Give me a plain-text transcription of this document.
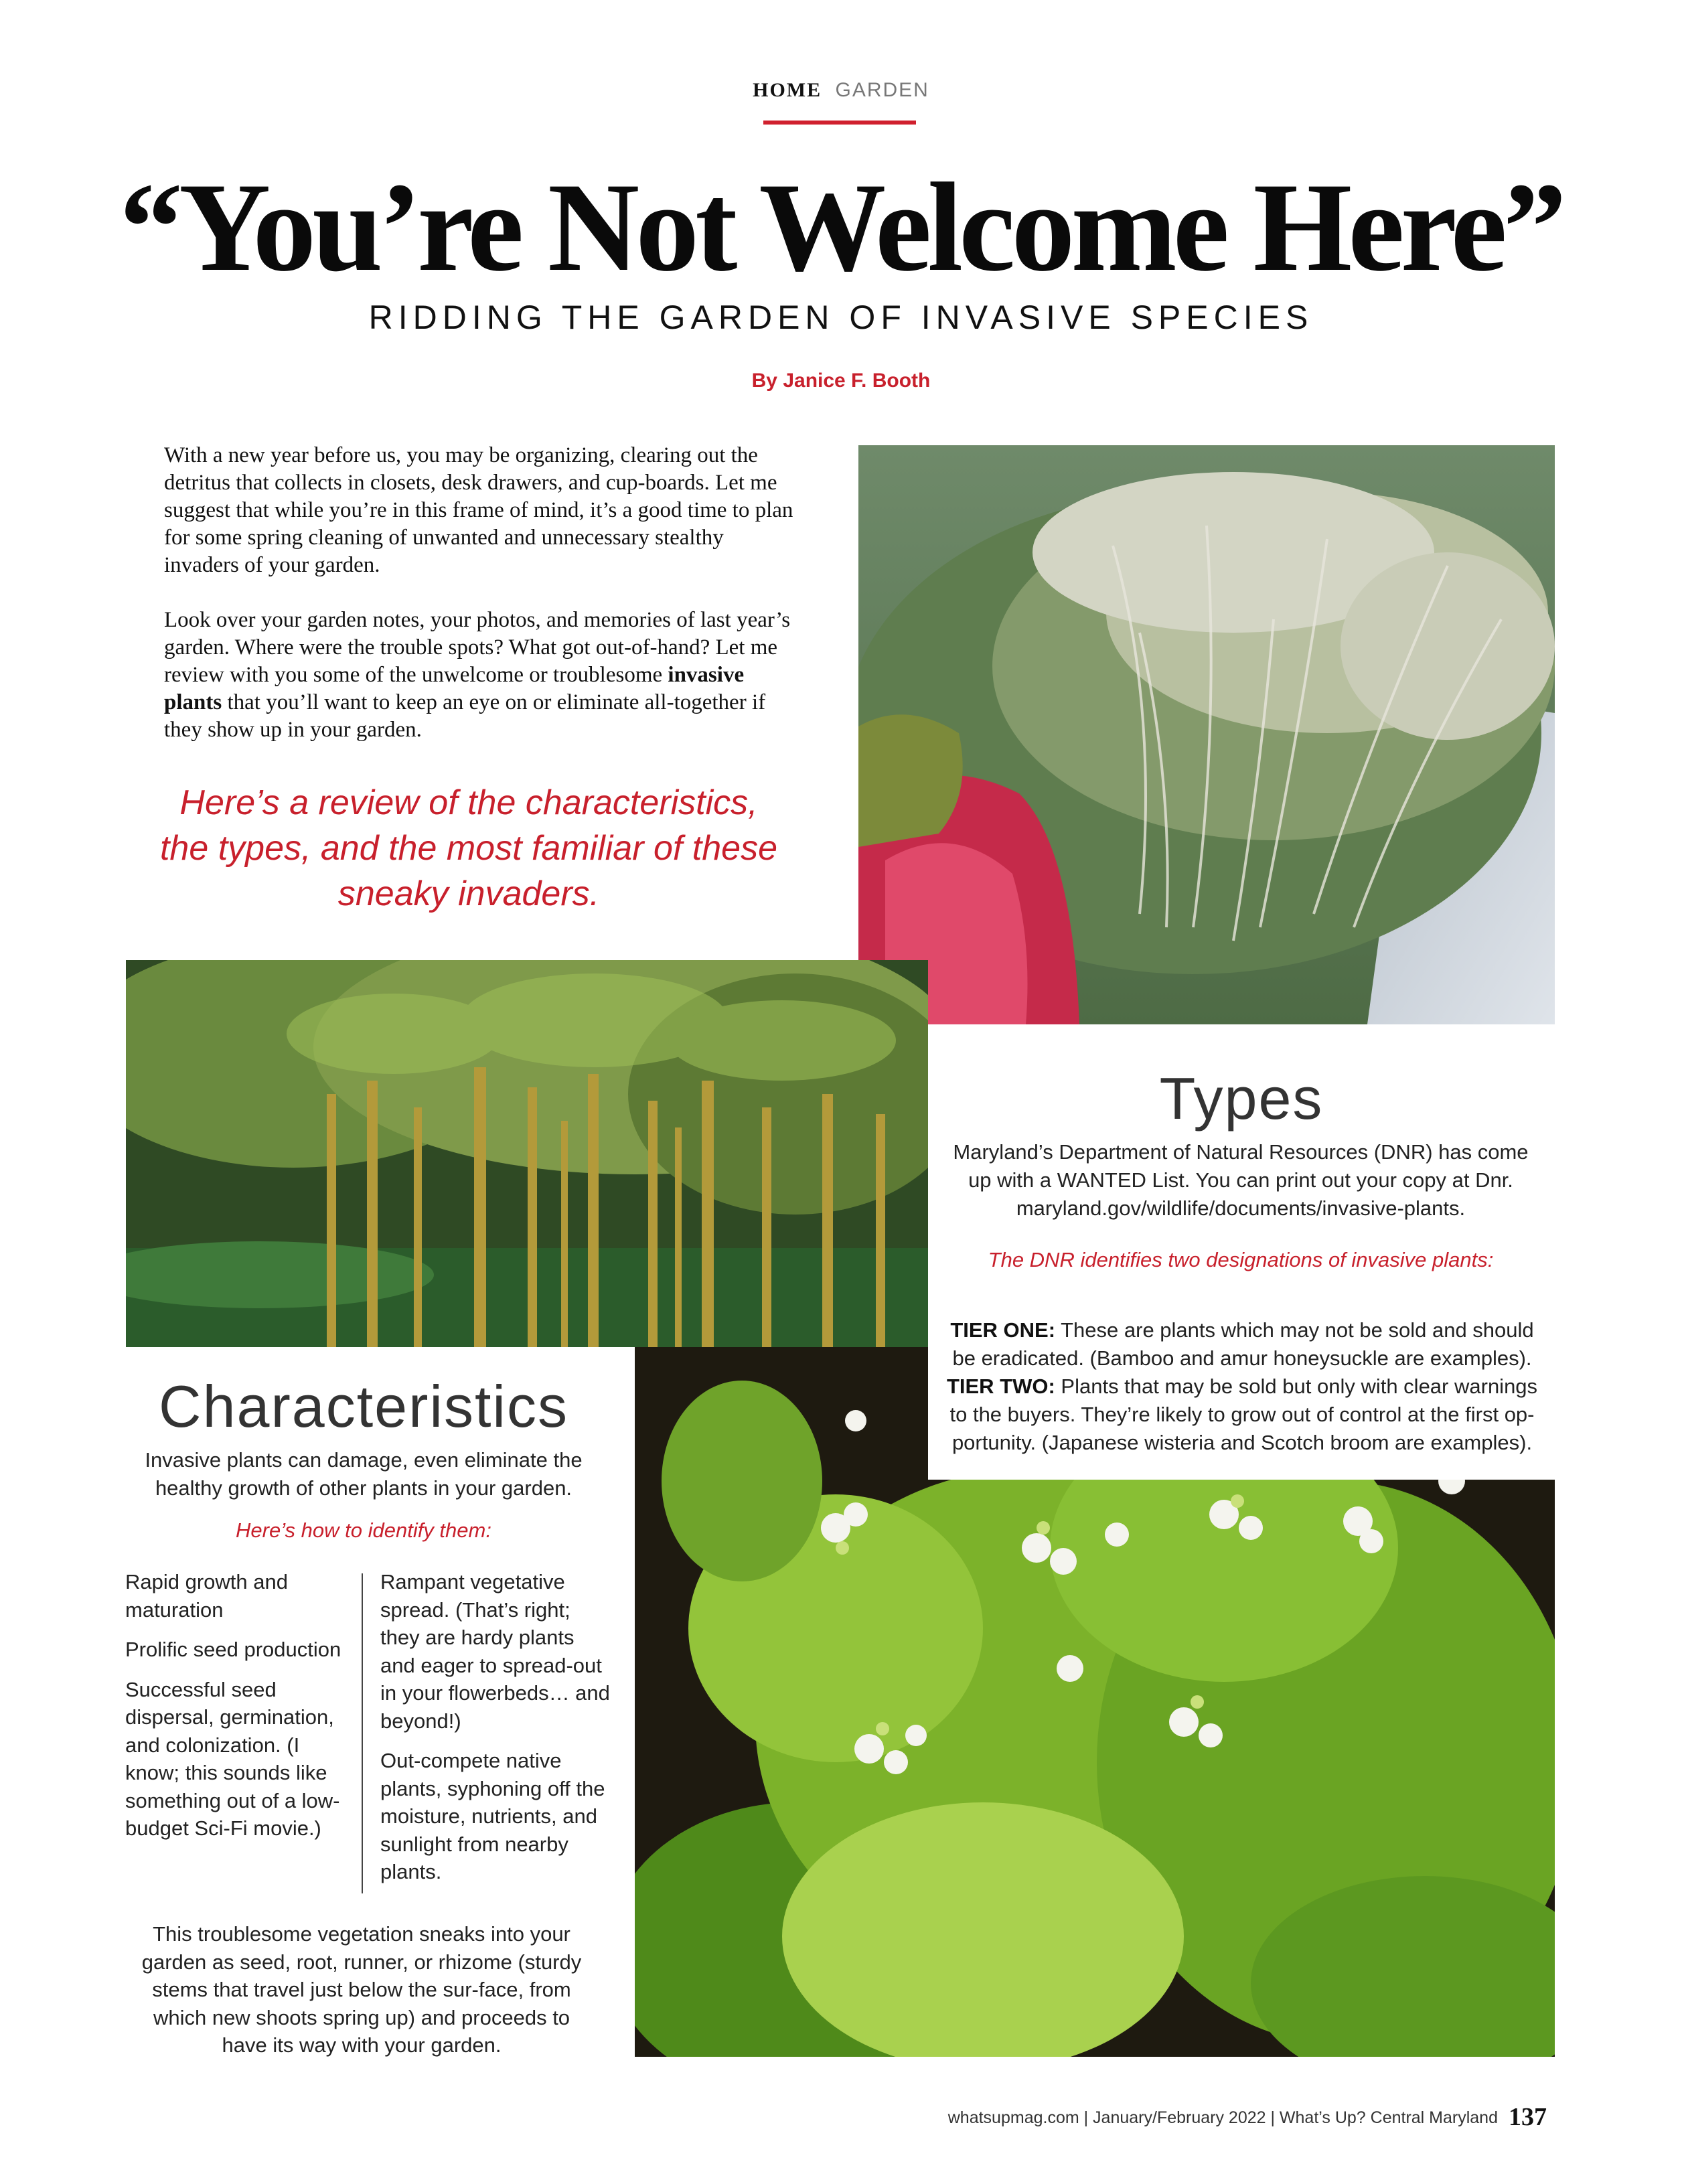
HOME GARDEN
“You’re Not Welcome Here”
RIDDING THE GARDEN OF INVASIVE SPECIES
By Janice F. Booth

With a new year before us, you may be organizing, clearing out the detritus that collects in closets, desk drawers, and cup-boards. Let me suggest that while you’re in this frame of mind, it’s a good time to plan for some spring cleaning of unwanted and unnecessary stealthy invaders of your garden.

Look over your garden notes, your photos, and memories of last year’s garden. Where were the trouble spots? What got out-of-hand? Let me review with you some of the unwelcome or troublesome invasive plants that you’ll want to keep an eye on or eliminate all-together if they show up in your garden.

Here’s a review of the characteristics, the types, and the most familiar of these sneaky invaders.

Types

Maryland’s Department of Natural Resources (DNR) has come up with a WANTED List. You can print out your copy at Dnr. maryland.gov/wildlife/documents/invasive-plants.

The DNR identifies two designations of invasive plants:

TIER ONE: These are plants which may not be sold and should be eradicated. (Bamboo and amur honeysuckle are examples).
TIER TWO: Plants that may be sold but only with clear warnings to the buyers. They’re likely to grow out of control at the first op-portunity. (Japanese wisteria and Scotch broom are examples).

Characteristics

Invasive plants can damage, even eliminate the healthy growth of other plants in your garden.

Here’s how to identify them:

Rapid growth and maturation

Prolific seed production

Successful seed dispersal, germination, and colonization. (I know; this sounds like something out of a low-budget Sci-Fi movie.)

Rampant vegetative spread. (That’s right; they are hardy plants and eager to spread-out in your flowerbeds… and beyond!)

Out-compete native plants, syphoning off the moisture, nutrients, and sunlight from nearby plants.

This troublesome vegetation sneaks into your garden as seed, root, runner, or rhizome (sturdy stems that travel just below the sur-face, from which new shoots spring up) and proceeds to have its way with your garden.

whatsupmag.com | January/February 2022 | What’s Up? Central Maryland 137
